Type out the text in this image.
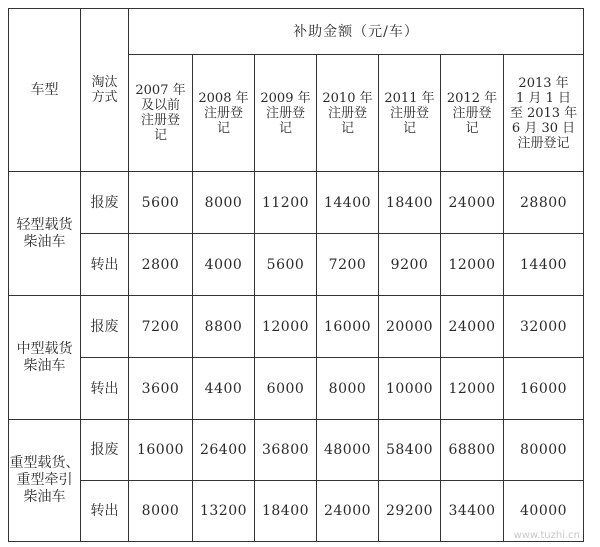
车型	淘汰
方式	补助金额（元/车）						

		2007 年
及以前
注册登
记	2008 年
注册登
记	2009 年
注册登
记	2010 年
注册登
记	2011 年
注册登
记	2012 年
注册登
记	2013 年
1 月 1 日
至 2013 年
6 月 30 日
注册登记

轻型载货
柴油车	报废	5600	8000	11200	14400	18400	24000	28800
	转出	2800	4000	5600	7200	9200	12000	14400

中型载货
柴油车	报废	7200	8800	12000	16000	20000	24000	32000
	转出	3600	4400	6000	8000	10000	12000	16000

重型载货、
重型牵引
柴油车	报废	16000	26400	36800	48000	58400	68800	80000
	转出	8000	13200	18400	24000	29200	34400	40000
www.tuzhi.cn
